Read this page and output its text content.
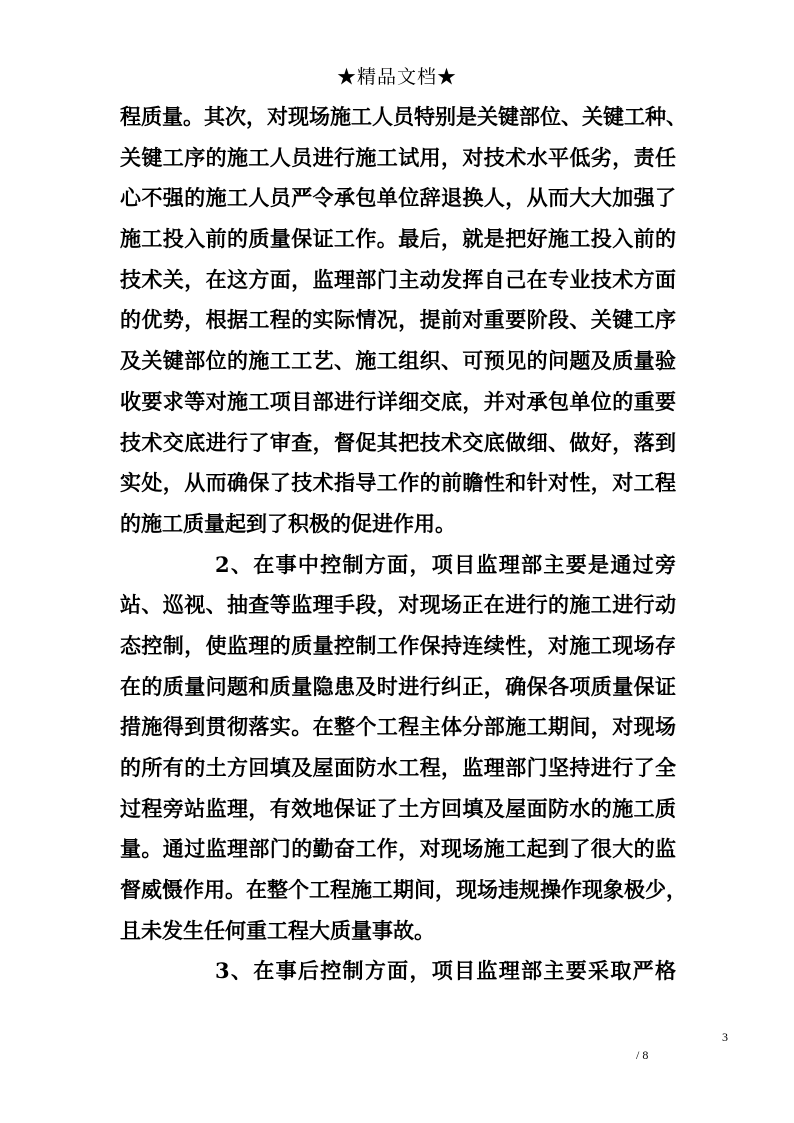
★精品文档★
程质量。其次，对现场施工人员特别是关键部位、关键工种、
关键工序的施工人员进行施工试用，对技术水平低劣，责任
心不强的施工人员严令承包单位辞退换人，从而大大加强了
施工投入前的质量保证工作。最后，就是把好施工投入前的
技术关，在这方面，监理部门主动发挥自己在专业技术方面
的优势，根据工程的实际情况，提前对重要阶段、关键工序
及关键部位的施工工艺、施工组织、可预见的问题及质量验
收要求等对施工项目部进行详细交底，并对承包单位的重要
技术交底进行了审查，督促其把技术交底做细、做好，落到
实处，从而确保了技术指导工作的前瞻性和针对性，对工程
的施工质量起到了积极的促进作用。
2、在事中控制方面，项目监理部主要是通过旁
站、巡视、抽查等监理手段，对现场正在进行的施工进行动
态控制，使监理的质量控制工作保持连续性，对施工现场存
在的质量问题和质量隐患及时进行纠正，确保各项质量保证
措施得到贯彻落实。在整个工程主体分部施工期间，对现场
的所有的土方回填及屋面防水工程，监理部门坚持进行了全
过程旁站监理，有效地保证了土方回填及屋面防水的施工质
量。通过监理部门的勤奋工作，对现场施工起到了很大的监
督威慑作用。在整个工程施工期间，现场违规操作现象极少，
且未发生任何重工程大质量事故。
3、在事后控制方面，项目监理部主要采取严格
3
/ 8
